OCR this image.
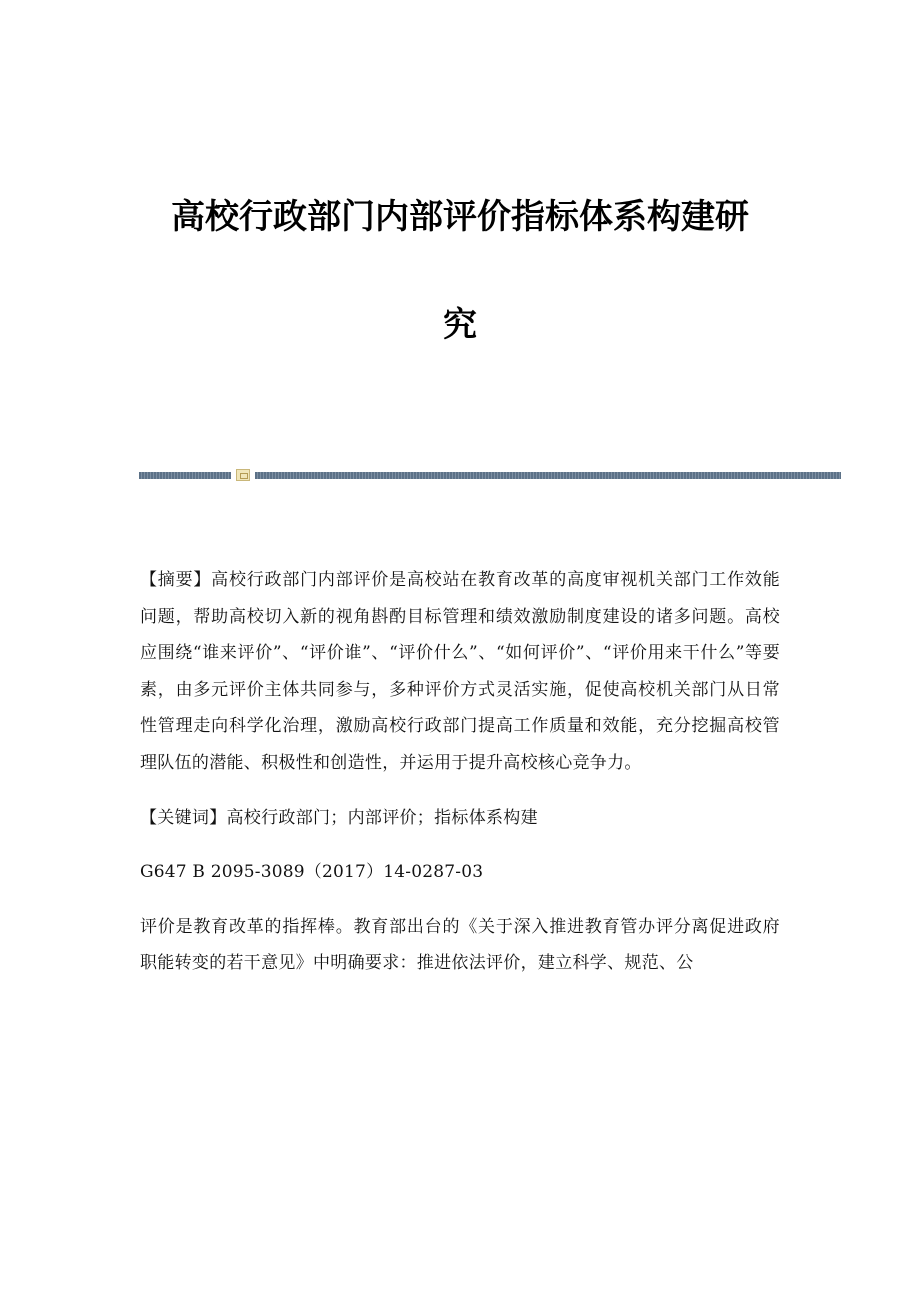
高校行政部门内部评价指标体系构建研
究

【摘要】高校行政部门内部评价是高校站在教育改革的高度审视机关部门工作效能问题，帮助高校切入新的视角斟酌目标管理和绩效激励制度建设的诸多问题。高校应围绕“谁来评价”、“评价谁”、“评价什么”、“如何评价”、“评价用来干什么”等要素，由多元评价主体共同参与，多种评价方式灵活实施，促使高校机关部门从日常性管理走向科学化治理，激励高校行政部门提高工作质量和效能，充分挖掘高校管理队伍的潜能、积极性和创造性，并运用于提升高校核心竞争力。

【关键词】高校行政部门；内部评价；指标体系构建

G647 B 2095-3089（2017）14-0287-03

评价是教育改革的指挥棒。教育部出台的《关于深入推进教育管办评分离促进政府职能转变的若干意见》中明确要求：推进依法评价，建立科学、规范、公
